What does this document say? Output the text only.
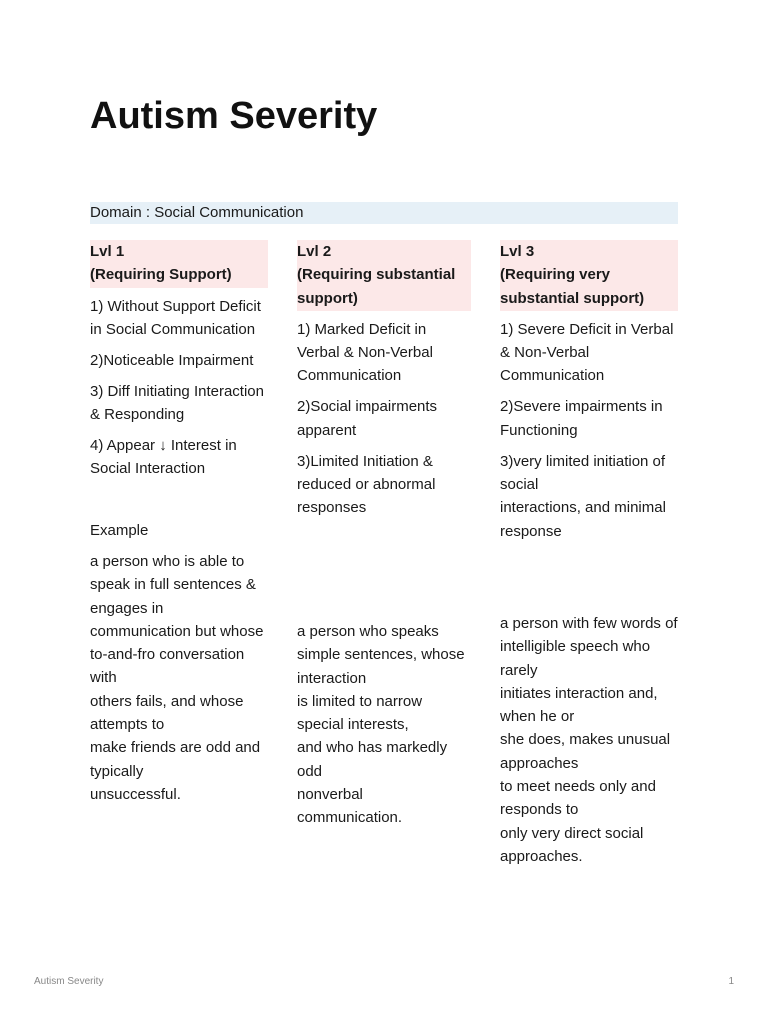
Autism Severity
Domain : Social Communication
Lvl 1
(Requiring Support)
1) Without Support Deficit in Social Communication
2)Noticeable Impairment
3) Diff Initiating Interaction & Responding
4) Appear ↓ Interest in Social Interaction
Lvl 2
(Requiring substantial support)
1) Marked Deficit in Verbal & Non-Verbal Communication
2)Social impairments apparent
3)Limited Initiation & reduced or abnormal responses
Lvl 3
(Requiring very substantial support)
1) Severe Deficit in Verbal & Non-Verbal Communication
2)Severe impairments in Functioning
3)very limited initiation of social
interactions, and minimal response
Example
a person who is able to speak in full sentences & engages in
communication but whose to-and-fro conversation with
others fails, and whose attempts to
make friends are odd and typically
unsuccessful.
a person who speaks simple sentences, whose interaction
is limited to narrow special interests,
and who has markedly odd
nonverbal communication.
a person with few words of intelligible speech who rarely
initiates interaction and, when he or
she does, makes unusual approaches
to meet needs only and responds to
only very direct social approaches.
Autism Severity	1
